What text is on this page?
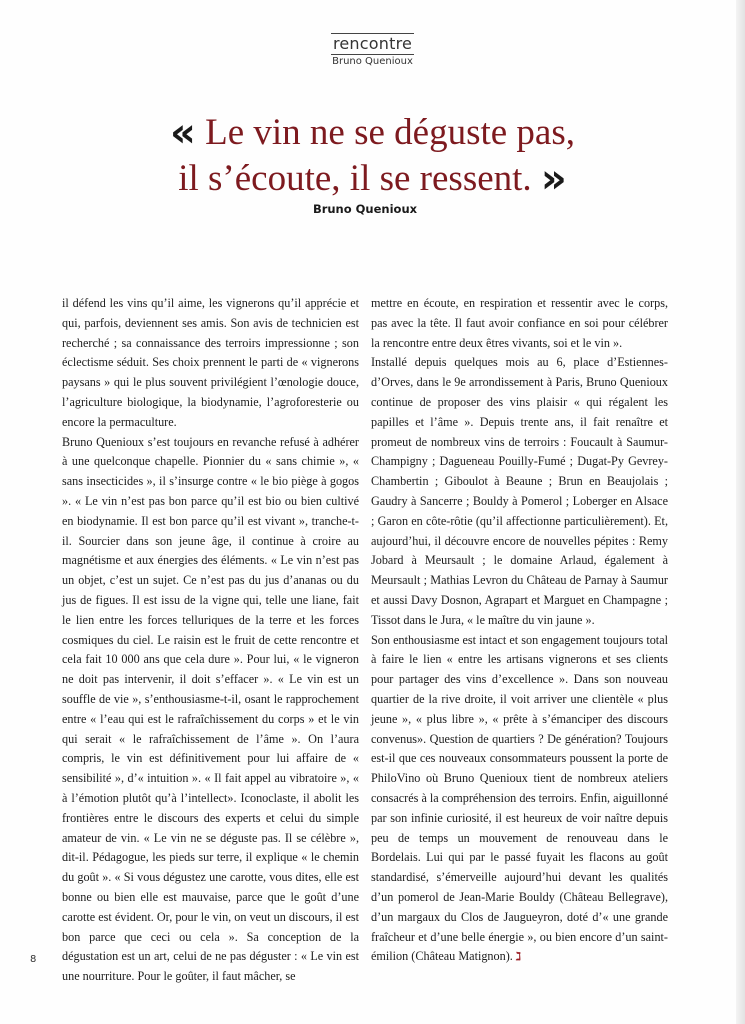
rencontre
Bruno Quenioux
« Le vin ne se déguste pas,
il s’écoute, il se ressent. »
Bruno Quenioux

il défend les vins qu’il aime, les vignerons qu’il apprécie et qui, parfois, deviennent ses amis. Son avis de technicien est recherché ; sa connaissance des terroirs impressionne ; son éclectisme séduit. Ses choix prennent le parti de « vignerons paysans » qui le plus souvent privilégient l’œnologie douce, l’agriculture biologique, la biodynamie, l’agroforesterie ou encore la permaculture.

Bruno Quenioux s’est toujours en revanche refusé à adhérer à une quelconque chapelle. Pionnier du « sans chimie », « sans insecticides », il s’insurge contre « le bio piège à gogos ». « Le vin n’est pas bon parce qu’il est bio ou bien cultivé en biodynamie. Il est bon parce qu’il est vivant », tranche-t-il. Sourcier dans son jeune âge, il continue à croire au magnétisme et aux énergies des éléments. « Le vin n’est pas un objet, c’est un sujet. Ce n’est pas du jus d’ananas ou du jus de figues. Il est issu de la vigne qui, telle une liane, fait le lien entre les forces telluriques de la terre et les forces cosmiques du ciel. Le raisin est le fruit de cette rencontre et cela fait 10 000 ans que cela dure ». Pour lui, « le vigneron ne doit pas intervenir, il doit s’effacer ». « Le vin est un souffle de vie », s’enthousiasme-t-il, osant le rapprochement entre « l’eau qui est le rafraîchissement du corps » et le vin qui serait « le rafraîchissement de l’âme ». On l’aura compris, le vin est définitivement pour lui affaire de « sensibilité », d’« intuition ». « Il fait appel au vibratoire », « à l’émotion plutôt qu’à l’intellect». Iconoclaste, il abolit les frontières entre le discours des experts et celui du simple amateur de vin. « Le vin ne se déguste pas. Il se célèbre », dit-il. Pédagogue, les pieds sur terre, il explique « le chemin du goût ». « Si vous dégustez une carotte, vous dites, elle est bonne ou bien elle est mauvaise, parce que le goût d’une carotte est évident. Or, pour le vin, on veut un discours, il est bon parce que ceci ou cela ». Sa conception de la dégustation est un art, celui de ne pas déguster : « Le vin est une nourriture. Pour le goûter, il faut mâcher, se

mettre en écoute, en respiration et ressentir avec le corps, pas avec la tête. Il faut avoir confiance en soi pour célébrer la rencontre entre deux êtres vivants, soi et le vin ».

Installé depuis quelques mois au 6, place d’Estiennes-d’Orves, dans le 9e arrondissement à Paris, Bruno Quenioux continue de proposer des vins plaisir « qui régalent les papilles et l’âme ». Depuis trente ans, il fait renaître et promeut de nombreux vins de terroirs : Foucault à Saumur-Champigny ; Dagueneau Pouilly-Fumé ; Dugat-Py Gevrey-Chambertin ; Giboulot à Beaune ; Brun en Beaujolais ; Gaudry à Sancerre ; Bouldy à Pomerol ; Loberger en Alsace ; Garon en côte-rôtie (qu’il affectionne particulièrement). Et, aujourd’hui, il découvre encore de nouvelles pépites : Remy Jobard à Meursault ; le domaine Arlaud, également à Meursault ; Mathias Levron du Château de Parnay à Saumur et aussi Davy Dosnon, Agrapart et Marguet en Champagne ; Tissot dans le Jura, « le maître du vin jaune ».

Son enthousiasme est intact et son engagement toujours total à faire le lien « entre les artisans vignerons et ses clients pour partager des vins d’excellence ». Dans son nouveau quartier de la rive droite, il voit arriver une clientèle « plus jeune », « plus libre », « prête à s’émanciper des discours convenus». Question de quartiers ? De génération? Toujours est-il que ces nouveaux consommateurs poussent la porte de PhiloVino où Bruno Quenioux tient de nombreux ateliers consacrés à la compréhension des terroirs. Enfin, aiguillonné par son infinie curiosité, il est heureux de voir naître depuis peu de temps un mouvement de renouveau dans le Bordelais. Lui qui par le passé fuyait les flacons au goût standardisé, s’émerveille aujourd’hui devant les qualités d’un pomerol de Jean-Marie Bouldy (Château Bellegrave), d’un margaux du Clos de Jaugueyron, doté d’« une grande fraîcheur et d’une belle énergie », ou bien encore d’un saint-émilion (Château Matignon). ℷ

8
